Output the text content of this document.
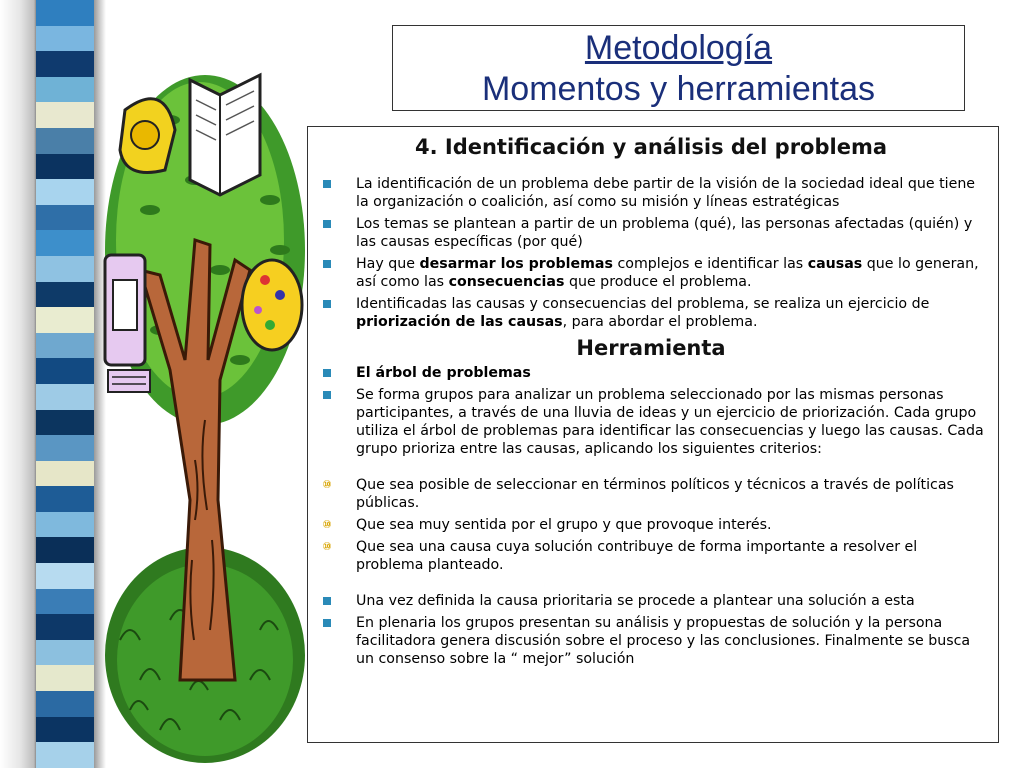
Metodología
Momentos y herramientas
4. Identificación y análisis del problema
La identificación de un problema debe partir de la visión de la sociedad ideal que tiene la organización o coalición, así como su misión y líneas estratégicas
Los temas se plantean a partir de un problema (qué), las personas afectadas (quién) y las causas específicas (por qué)
Hay que desarmar los problemas complejos e identificar las causas que lo generan, así como las consecuencias que produce el problema.
Identificadas las causas y consecuencias del problema, se realiza un ejercicio de priorización de las causas, para abordar el problema.
Herramienta
El árbol de problemas
Se forma grupos para analizar un problema seleccionado por las mismas personas participantes, a través de una lluvia de ideas y un ejercicio de priorización. Cada grupo utiliza el árbol de problemas para identificar las consecuencias y luego las causas. Cada grupo prioriza entre las causas, aplicando los siguientes criterios:
⑩ Que sea posible de seleccionar en términos políticos y técnicos a través de políticas públicas.
⑩ Que sea muy sentida por el grupo y que provoque interés.
⑩ Que sea una causa cuya solución contribuye de forma importante a resolver el problema planteado.
Una vez definida la causa prioritaria se procede a plantear una solución a esta
En plenaria los grupos presentan su análisis y propuestas de solución y la persona facilitadora genera discusión sobre el proceso y las conclusiones. Finalmente se busca un consenso sobre la “ mejor” solución
